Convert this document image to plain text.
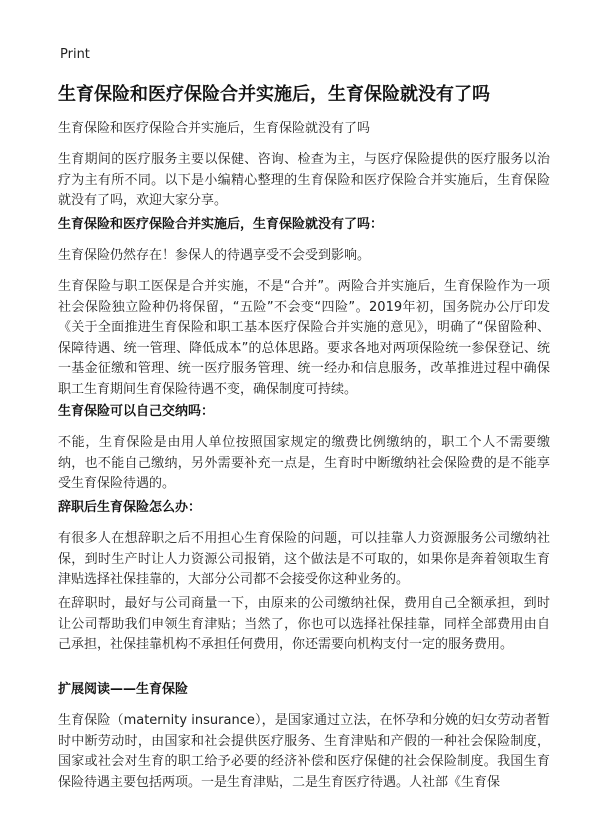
Print
生育保险和医疗保险合并实施后，生育保险就没有了吗

生育保险和医疗保险合并实施后，生育保险就没有了吗

生育期间的医疗服务主要以保健、咨询、检查为主，与医疗保险提供的医疗服务以治疗为主有所不同。以下是小编精心整理的生育保险和医疗保险合并实施后，生育保险就没有了吗，欢迎大家分享。

生育保险和医疗保险合并实施后，生育保险就没有了吗：

生育保险仍然存在！参保人的待遇享受不会受到影响。

生育保险与职工医保是合并实施，不是“合并”。两险合并实施后，生育保险作为一项社会保险独立险种仍将保留，“五险”不会变“四险”。2019年初，国务院办公厅印发《关于全面推进生育保险和职工基本医疗保险合并实施的意见》，明确了“保留险种、保障待遇、统一管理、降低成本”的总体思路。要求各地对两项保险统一参保登记、统一基金征缴和管理、统一医疗服务管理、统一经办和信息服务，改革推进过程中确保职工生育期间生育保险待遇不变，确保制度可持续。

生育保险可以自己交纳吗：

不能，生育保险是由用人单位按照国家规定的缴费比例缴纳的，职工个人不需要缴纳，也不能自己缴纳，另外需要补充一点是，生育时中断缴纳社会保险费的是不能享受生育保险待遇的。

辞职后生育保险怎么办：

有很多人在想辞职之后不用担心生育保险的问题，可以挂靠人力资源服务公司缴纳社保，到时生产时让人力资源公司报销，这个做法是不可取的，如果你是奔着领取生育津贴选择社保挂靠的，大部分公司都不会接受你这种业务的。

在辞职时，最好与公司商量一下，由原来的公司缴纳社保，费用自己全额承担，到时让公司帮助我们申领生育津贴；当然了，你也可以选择社保挂靠，同样全部费用由自己承担，社保挂靠机构不承担任何费用，你还需要向机构支付一定的服务费用。

扩展阅读——生育保险

生育保险（maternity insurance），是国家通过立法，在怀孕和分娩的妇女劳动者暂时中断劳动时，由国家和社会提供医疗服务、生育津贴和产假的一种社会保险制度，国家或社会对生育的职工给予必要的经济补偿和医疗保健的社会保险制度。我国生育保险待遇主要包括两项。一是生育津贴，二是生育医疗待遇。人社部《生育保
